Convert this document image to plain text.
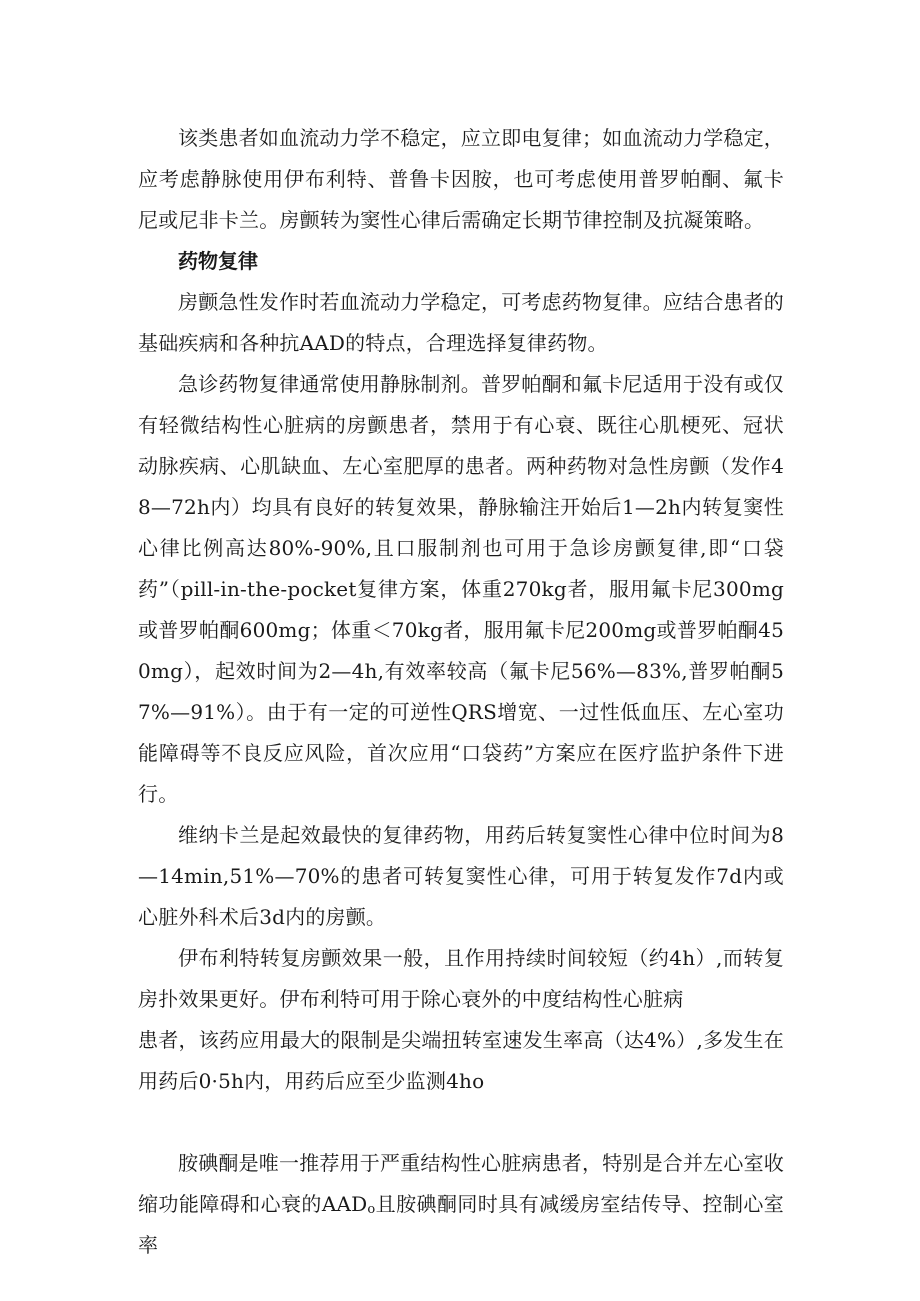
该类患者如血流动力学不稳定，应立即电复律；如血流动力学稳定，应考虑静脉使用伊布利特、普鲁卡因胺，也可考虑使用普罗帕酮、氟卡尼或尼非卡兰。房颤转为窦性心律后需确定长期节律控制及抗凝策略。

药物复律

房颤急性发作时若血流动力学稳定，可考虑药物复律。应结合患者的基础疾病和各种抗AAD的特点，合理选择复律药物。

急诊药物复律通常使用静脉制剂。普罗帕酮和氟卡尼适用于没有或仅有轻微结构性心脏病的房颤患者，禁用于有心衰、既往心肌梗死、冠状动脉疾病、心肌缺血、左心室肥厚的患者。两种药物对急性房颤（发作48—72h内）均具有良好的转复效果，静脉输注开始后1—2h内转复窦性心律比例高达80%-90%,且口服制剂也可用于急诊房颤复律,即“口袋药”（pill-in-the-pocket复律方案，体重270kg者，服用氟卡尼300mg或普罗帕酮600mg；体重＜70kg者，服用氟卡尼200mg或普罗帕酮450mg），起效时间为2—4h,有效率较高（氟卡尼56%—83%,普罗帕酮57%—91%）。由于有一定的可逆性QRS增宽、一过性低血压、左心室功能障碍等不良反应风险，首次应用“口袋药”方案应在医疗监护条件下进行。

维纳卡兰是起效最快的复律药物，用药后转复窦性心律中位时间为8—14min,51%—70%的患者可转复窦性心律，可用于转复发作7d内或心脏外科术后3d内的房颤。

伊布利特转复房颤效果一般，且作用持续时间较短（约4h）,而转复房扑效果更好。伊布利特可用于除心衰外的中度结构性心脏病

患者，该药应用最大的限制是尖端扭转室速发生率高（达4%）,多发生在用药后0·5h内，用药后应至少监测4ho

胺碘酮是唯一推荐用于严重结构性心脏病患者，特别是合并左心室收缩功能障碍和心衰的AADo且胺碘酮同时具有减缓房室结传导、控制心室率
